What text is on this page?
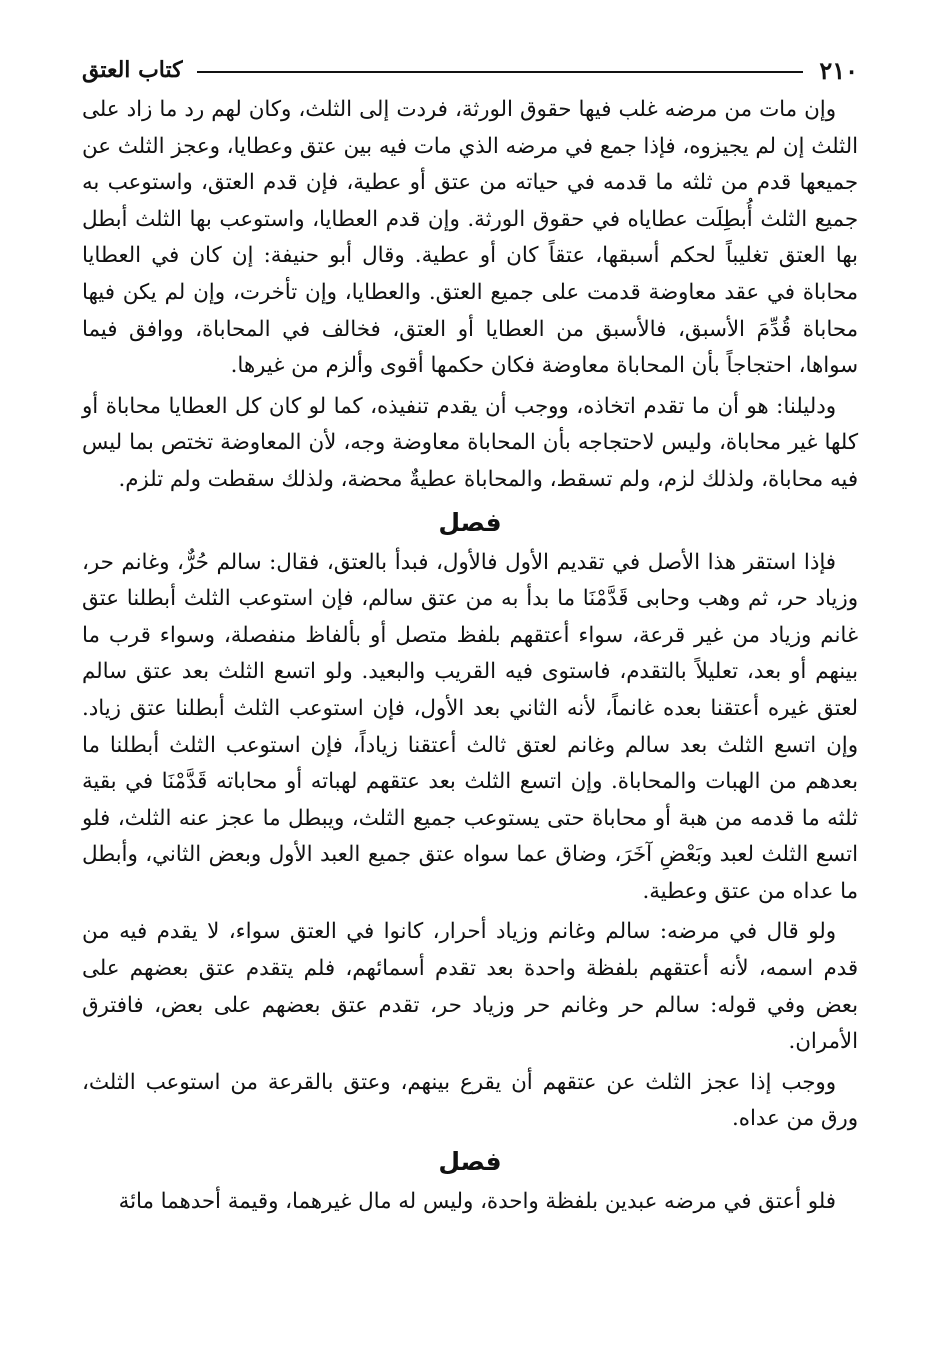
٢١٠
كتاب العتق

وإن مات من مرضه غلب فيها حقوق الورثة، فردت إلى الثلث، وكان لهم رد ما زاد على الثلث إن لم يجيزوه، فإذا جمع في مرضه الذي مات فيه بين عتق وعطايا، وعجز الثلث عن جميعها قدم من ثلثه ما قدمه في حياته من عتق أو عطية، فإن قدم العتق، واستوعب به جميع الثلث أُبطِلَت عطاياه في حقوق الورثة. وإن قدم العطايا، واستوعب بها الثلث أبطل بها العتق تغليباً لحكم أسبقها، عتقاً كان أو عطية. وقال أبو حنيفة: إن كان في العطايا محاباة في عقد معاوضة قدمت على جميع العتق. والعطايا، وإن تأخرت، وإن لم يكن فيها محاباة قُدِّمَ الأسبق، فالأسبق من العطايا أو العتق، فخالف في المحاباة، ووافق فيما سواها، احتجاجاً بأن المحاباة معاوضة فكان حكمها أقوى وألزم من غيرها.

ودليلنا: هو أن ما تقدم اتخاذه، ووجب أن يقدم تنفيذه، كما لو كان كل العطايا محاباة أو كلها غير محاباة، وليس لاحتجاجه بأن المحاباة معاوضة وجه، لأن المعاوضة تختص بما ليس فيه محاباة، ولذلك لزم، ولم تسقط، والمحاباة عطيةٌ محضة، ولذلك سقطت ولم تلزم.

فصل

فإذا استقر هذا الأصل في تقديم الأول فالأول، فبدأ بالعتق، فقال: سالم حُرٌّ، وغانم حر، وزياد حر، ثم وهب وحابى قَدَّمْنَا ما بدأ به من عتق سالم، فإن استوعب الثلث أبطلنا عتق غانم وزياد من غير قرعة، سواء أعتقهم بلفظ متصل أو بألفاظ منفصلة، وسواء قرب ما بينهم أو بعد، تعليلاً بالتقدم، فاستوى فيه القريب والبعيد. ولو اتسع الثلث بعد عتق سالم لعتق غيره أعتقنا بعده غانماً، لأنه الثاني بعد الأول، فإن استوعب الثلث أبطلنا عتق زياد. وإن اتسع الثلث بعد سالم وغانم لعتق ثالث أعتقنا زياداً، فإن استوعب الثلث أبطلنا ما بعدهم من الهبات والمحاباة. وإن اتسع الثلث بعد عتقهم لهباته أو محاباته قَدَّمْنَا في بقية ثلثه ما قدمه من هبة أو محاباة حتى يستوعب جميع الثلث، ويبطل ما عجز عنه الثلث، فلو اتسع الثلث لعبد وبَعْضِ آخَرَ، وضاق عما سواه عتق جميع العبد الأول وبعض الثاني، وأبطل ما عداه من عتق وعطية.

ولو قال في مرضه: سالم وغانم وزياد أحرار، كانوا في العتق سواء، لا يقدم فيه من قدم اسمه، لأنه أعتقهم بلفظة واحدة بعد تقدم أسمائهم، فلم يتقدم عتق بعضهم على بعض وفي قوله: سالم حر وغانم حر وزياد حر، تقدم عتق بعضهم على بعض، فافترق الأمران.

ووجب إذا عجز الثلث عن عتقهم أن يقرع بينهم، وعتق بالقرعة من استوعب الثلث، ورق من عداه.

فصل

فلو أعتق في مرضه عبدين بلفظة واحدة، وليس له مال غيرهما، وقيمة أحدهما مائة
